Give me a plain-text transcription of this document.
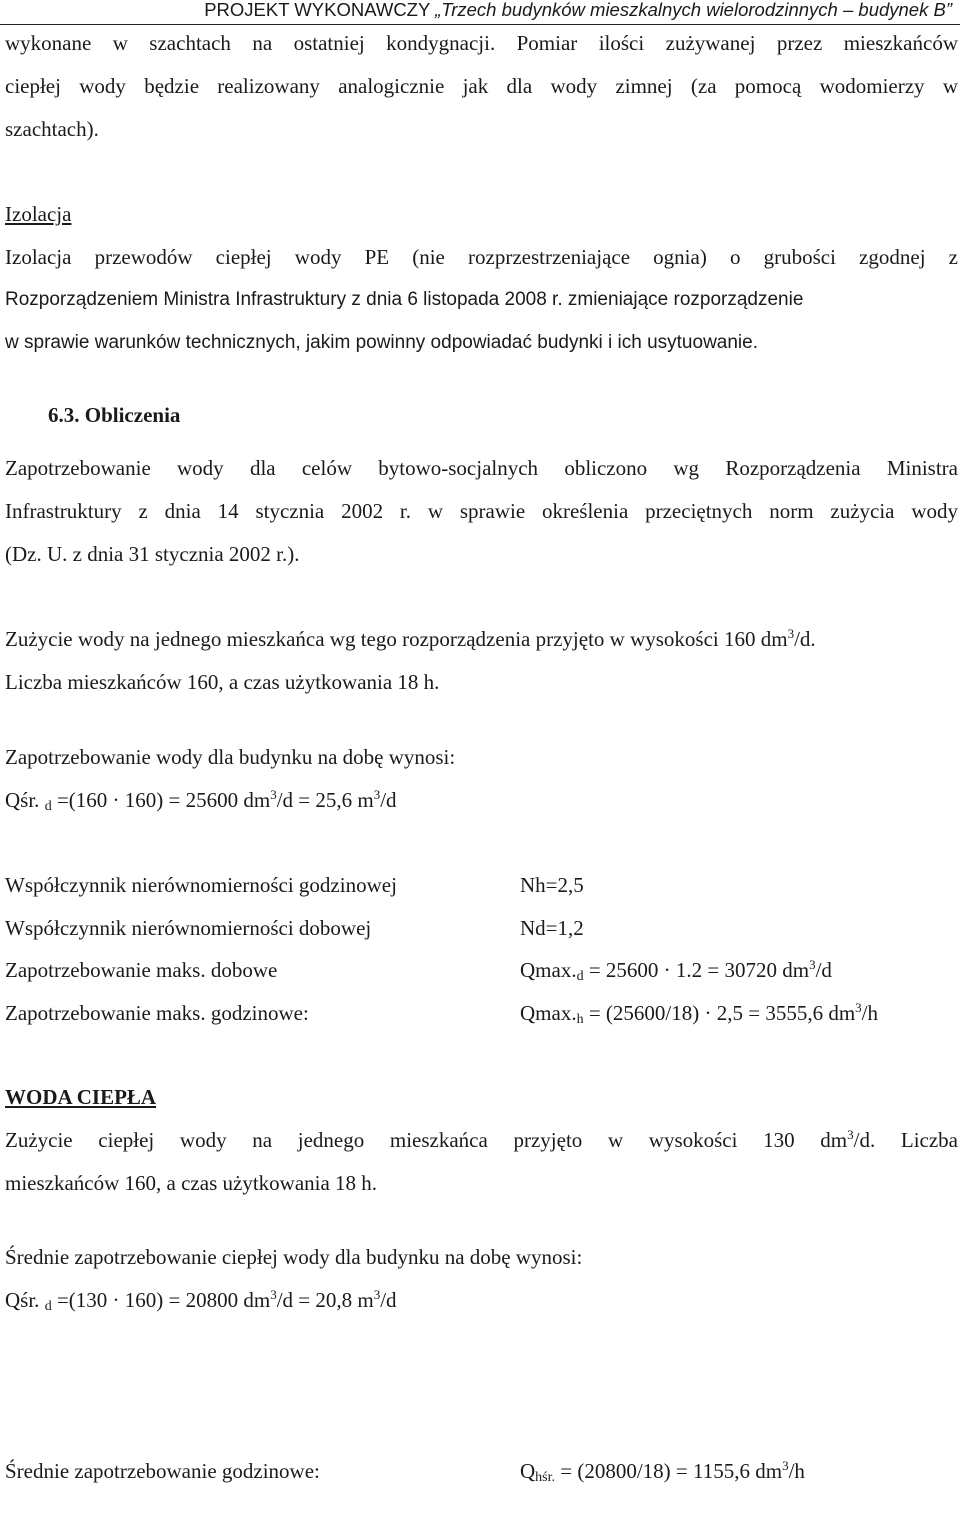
PROJEKT WYKONAWCZY „Trzech budynków mieszkalnych wielorodzinnych – budynek B”
wykonane w szachtach na ostatniej kondygnacji. Pomiar ilości zużywanej przez mieszkańców
ciepłej wody będzie realizowany analogicznie jak dla wody zimnej (za pomocą wodomierzy w
szachtach).
Izolacja
Izolacja przewodów ciepłej wody PE (nie rozprzestrzeniające ognia) o grubości zgodnej z
Rozporządzeniem Ministra Infrastruktury z dnia 6 listopada 2008 r. zmieniające rozporządzenie
w sprawie warunków technicznych, jakim powinny odpowiadać budynki i ich usytuowanie.
6.3. Obliczenia
Zapotrzebowanie wody dla celów bytowo-socjalnych obliczono wg Rozporządzenia Ministra
Infrastruktury z dnia 14 stycznia 2002 r. w sprawie określenia przeciętnych norm zużycia wody
(Dz. U. z dnia 31 stycznia 2002 r.).
Zużycie wody na jednego mieszkańca wg tego rozporządzenia przyjęto w wysokości 160 $dm^3/d$.
Liczba mieszkańców 160, a czas użytkowania 18 h.
Zapotrzebowanie wody dla budynku na dobę wynosi:
Qśr. $_d$ =(160 · 160) = 25600 $dm^3/d = 25,6$ $m^3/d$
Współczynnik nierównomierności godzinowej	Nh=2,5
Współczynnik nierównomierności dobowej	Nd=1,2
Zapotrzebowanie maks. dobowe	$Qmax._d = 25600 \cdot 1.2 = 30720$ $dm^3/d$
Zapotrzebowanie maks. godzinowe:	$Qmax._h = (25600/18) \cdot 2,5 = 3555,6$ $dm^3/h$
WODA CIEPŁA
Zużycie ciepłej wody na jednego mieszkańca przyjęto w wysokości 130 $dm^3/d$. Liczba
mieszkańców 160, a czas użytkowania 18 h.
Średnie zapotrzebowanie ciepłej wody dla budynku na dobę wynosi:
Qśr. $_d$ =(130 · 160) = 20800 $dm^3/d = 20,8$ $m^3/d$
Średnie zapotrzebowanie godzinowe:	$Q_{hśr.} = (20800/18) = 1155,6$ $dm^3/h$
